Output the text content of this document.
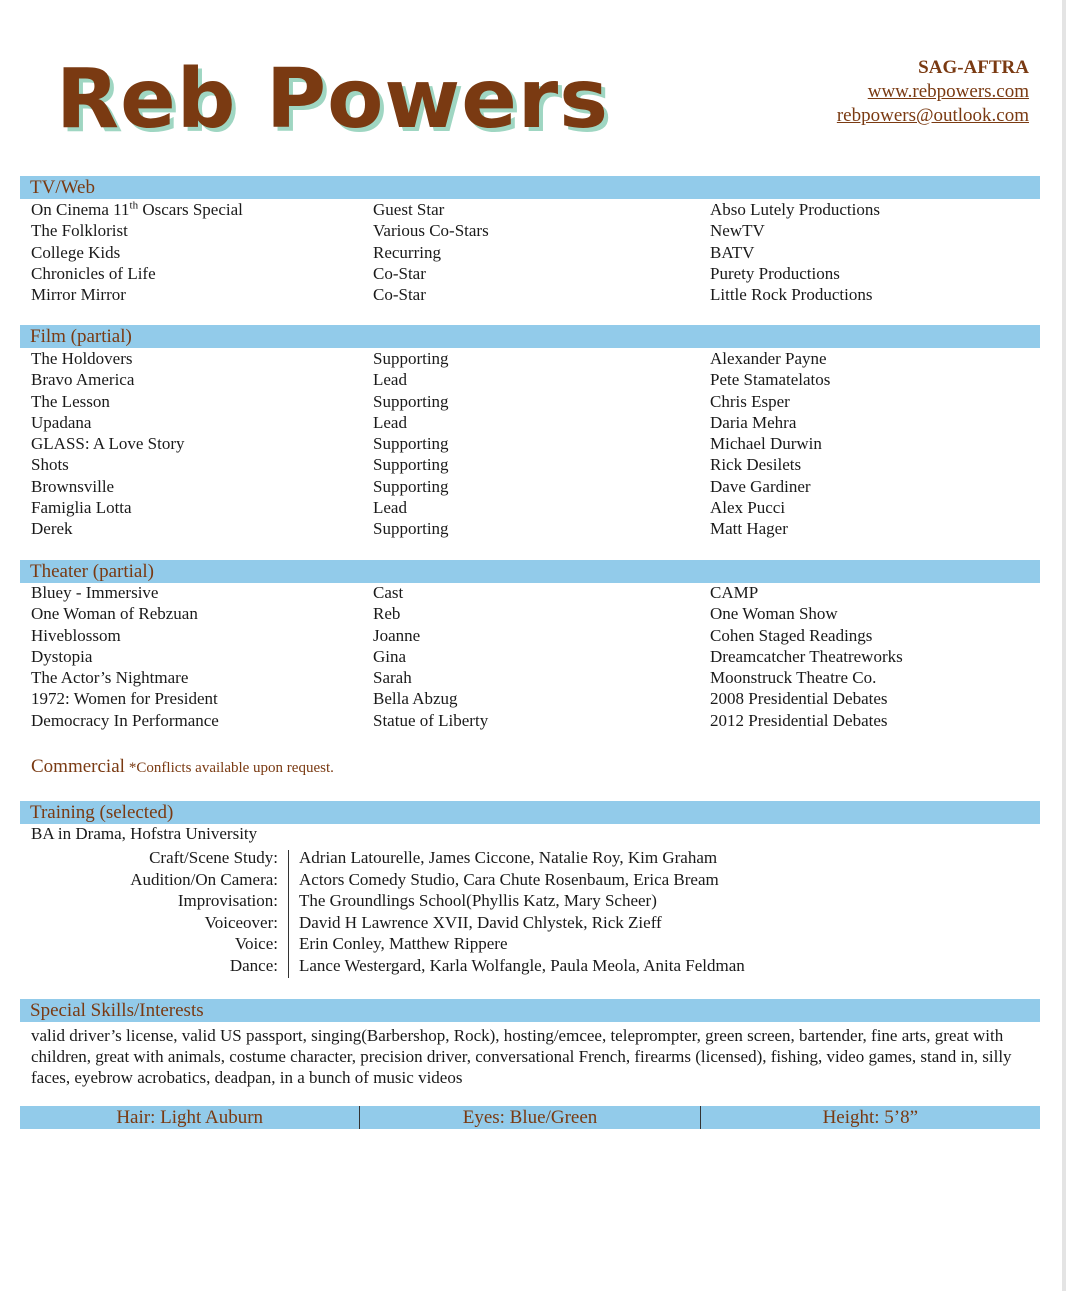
Reb Powers	SAG-AFTRA
www.rebpowers.com
rebpowers@outlook.com
TV/Web
On Cinema 11th Oscars Special	Guest Star	Abso Lutely Productions
The Folklorist	Various Co-Stars	NewTV
College Kids	Recurring	BATV
Chronicles of Life	Co-Star	Purety Productions
Mirror Mirror	Co-Star	Little Rock Productions
Film (partial)
The Holdovers	Supporting	Alexander Payne
Bravo America	Lead	Pete Stamatelatos
The Lesson	Supporting	Chris Esper
Upadana	Lead	Daria Mehra
GLASS: A Love Story	Supporting	Michael Durwin
Shots	Supporting	Rick Desilets
Brownsville	Supporting	Dave Gardiner
Famiglia Lotta	Lead	Alex Pucci
Derek	Supporting	Matt Hager
Theater (partial)
Bluey - Immersive	Cast	CAMP
One Woman of Rebzuan	Reb	One Woman Show
Hiveblossom	Joanne	Cohen Staged Readings
Dystopia	Gina	Dreamcatcher Theatreworks
The Actor’s Nightmare	Sarah	Moonstruck Theatre Co.
1972: Women for President	Bella Abzug	2008 Presidential Debates
Democracy In Performance	Statue of Liberty	2012 Presidential Debates
Commercial *Conflicts available upon request.
Training (selected)
BA in Drama, Hofstra University
Craft/Scene Study: Adrian Latourelle, James Ciccone, Natalie Roy, Kim Graham
Audition/On Camera: Actors Comedy Studio, Cara Chute Rosenbaum, Erica Bream
Improvisation: The Groundlings School(Phyllis Katz, Mary Scheer)
Voiceover: David H Lawrence XVII, David Chlystek, Rick Zieff
Voice: Erin Conley, Matthew Rippere
Dance: Lance Westergard, Karla Wolfangle, Paula Meola, Anita Feldman
Special Skills/Interests
valid driver’s license, valid US passport, singing(Barbershop, Rock), hosting/emcee, teleprompter, green screen, bartender, fine arts, great with children, great with animals, costume character, precision driver, conversational French, firearms (licensed), fishing, video games, stand in, silly faces, eyebrow acrobatics, deadpan, in a bunch of music videos
Hair: Light Auburn	Eyes: Blue/Green	Height: 5’8”
